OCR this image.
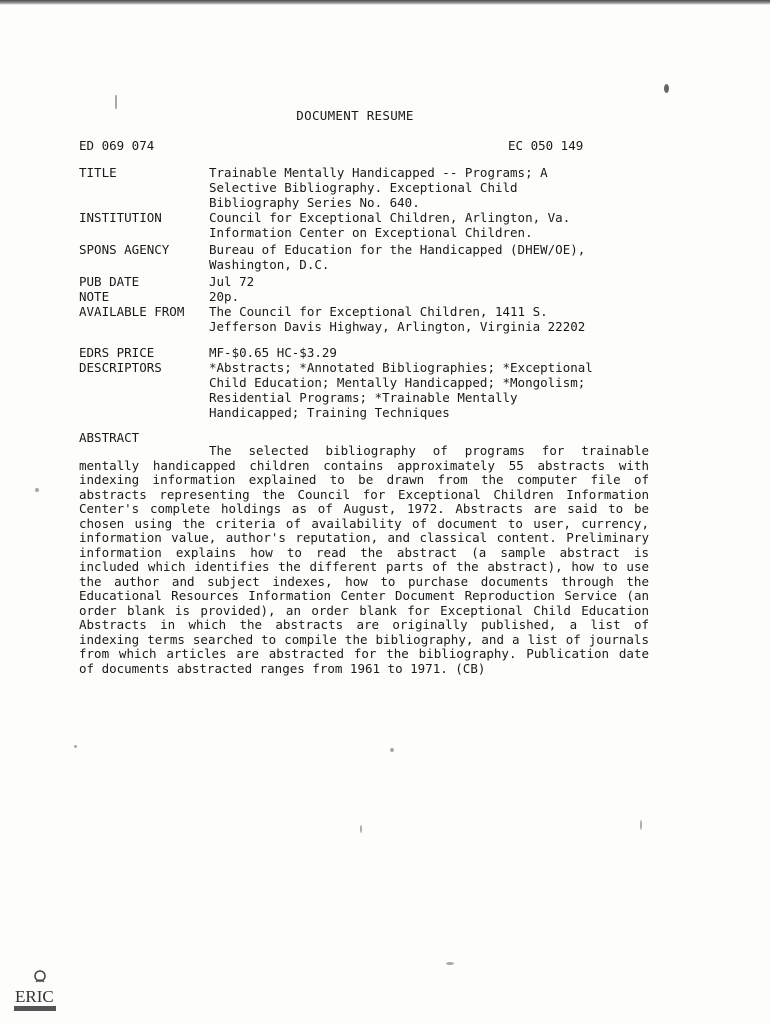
DOCUMENT RESUME
ED 069 074	EC 050 149
TITLE	Trainable Mentally Handicapped -- Programs; A
Selective Bibliography. Exceptional Child
Bibliography Series No. 640.
INSTITUTION	Council for Exceptional Children, Arlington, Va.
Information Center on Exceptional Children.
SPONS AGENCY	Bureau of Education for the Handicapped (DHEW/OE),
Washington, D.C.
PUB DATE	Jul 72
NOTE	20p.
AVAILABLE FROM	The Council for Exceptional Children, 1411 S.
Jefferson Davis Highway, Arlington, Virginia 22202
EDRS PRICE	MF-$0.65 HC-$3.29
DESCRIPTORS	*Abstracts; *Annotated Bibliographies; *Exceptional
Child Education; Mentally Handicapped; *Mongolism;
Residential Programs; *Trainable Mentally
Handicapped; Training Techniques
ABSTRACT
The selected bibliography of programs for trainable mentally handicapped children contains approximately 55 abstracts with indexing information explained to be drawn from the computer file of abstracts representing the Council for Exceptional Children Information Center's complete holdings as of August, 1972. Abstracts are said to be chosen using the criteria of availability of document to user, currency, information value, author's reputation, and classical content. Preliminary information explains how to read the abstract (a sample abstract is included which identifies the different parts of the abstract), how to use the author and subject indexes, how to purchase documents through the Educational Resources Information Center Document Reproduction Service (an order blank is provided), an order blank for Exceptional Child Education Abstracts in which the abstracts are originally published, a list of indexing terms searched to compile the bibliography, and a list of journals from which articles are abstracted for the bibliography. Publication date of documents abstracted ranges from 1961 to 1971. (CB)
ERIC
